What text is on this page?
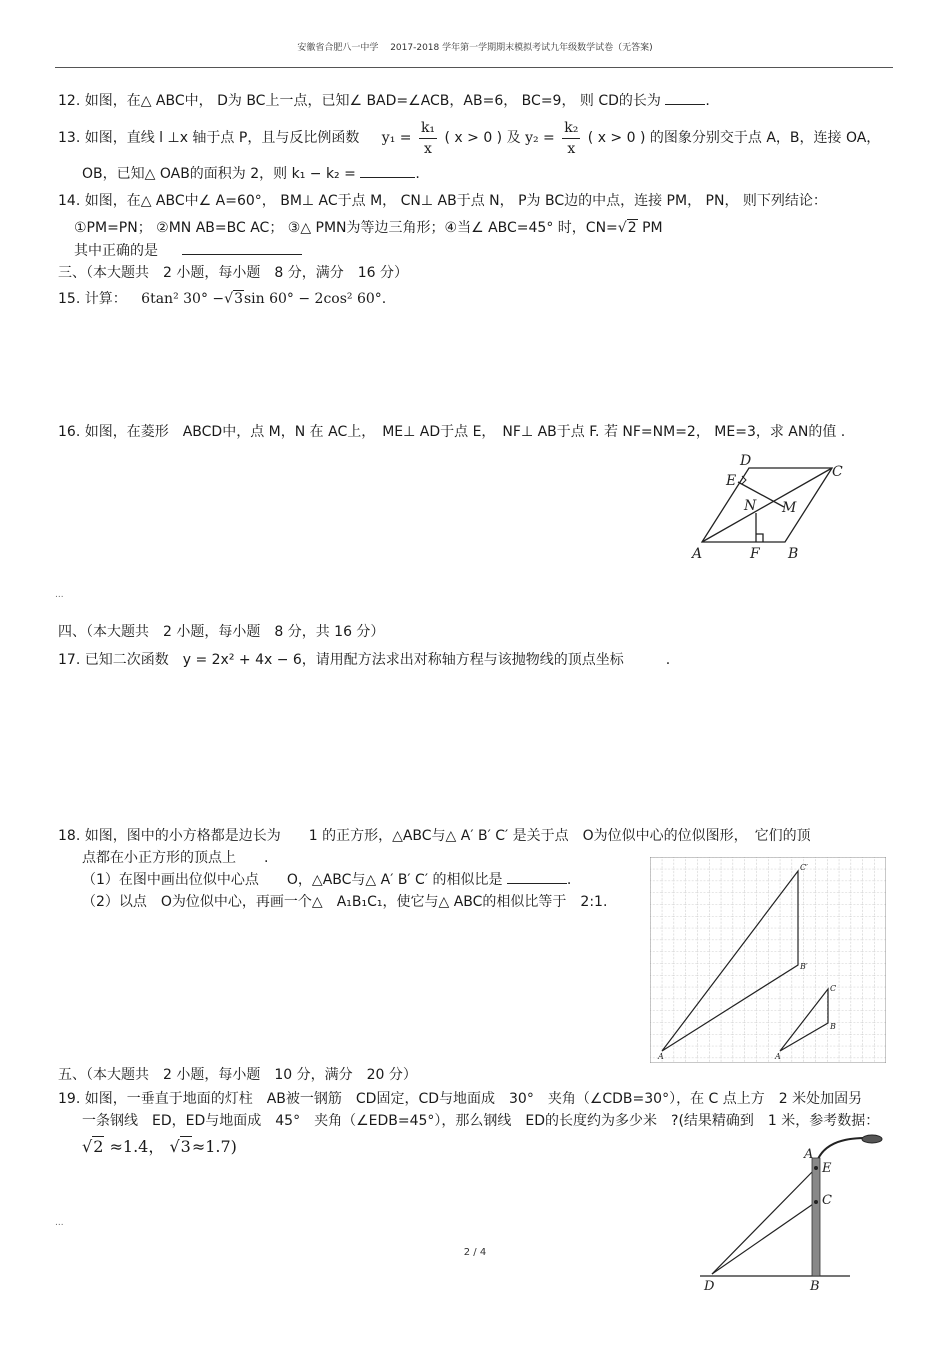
安徽省合肥八一中学　 2017-2018 学年第一学期期末模拟考试九年级数学试卷（无答案)
12. 如图，在△ ABC中， D为 BC上一点，已知∠ BAD=∠ACB，AB=6， BC=9， 则 CD的长为	.
13. 如图，直线 l ⊥x 轴于点 P，且与反比例函数 $y_1 = \frac{\text{k₁}}{x}$ ( x > 0 ) 及 $y_2 = \frac{\text{k₂}}{x}$ ( x > 0 ) 的图象分别交于点 A，B，连接 OA，
OB，已知△ OAB的面积为 2，则 k₁ − k₂ =	.
14. 如图，在△ ABC中∠ A=60°， BM⊥ AC于点 M， CN⊥ AB于点 N， P为 BC边的中点，连接 PM， PN， 则下列结论：
①PM=PN； ②MN AB=BC AC； ③△ PMN为等边三角形；④当∠ ABC=45° 时，CN=√2 PM
其中正确的是
三、（本大题共　2 小题，每小题　8 分，满分　16 分）
15. 计算： 6tan² 30° −√3sin 60° − 2cos² 60°.
16. 如图，在菱形　ABCD中，点 M，N 在 AC上，　ME⊥ AD于点 E，　NF⊥ AB于点 F. 若 NF=NM=2， ME=3，求 AN的值 .
A	B
C
D
E
F
M
N
...
四、（本大题共　2 小题，每小题　8 分，共 16 分）
17. 已知二次函数　y = 2x² + 4x − 6，请用配方法求出对称轴方程与该抛物线的顶点坐标　　　.
18. 如图，图中的小方格都是边长为　　1 的正方形，△ABC与△ A′ B′ C′ 是关于点　O为位似中心的位似图形，　它们的顶
点都在小正方形的顶点上　　.
（1）在图中画出位似中心点　　O，△ABC与△ A′ B′ C′ 的相似比是	.
（2）以点　O为位似中心，再画一个△　A₁B₁C₁，使它与△ ABC的相似比等于　2:1.
A
B′
C′
A
B
C
五、（本大题共　2 小题，每小题　10 分，满分　20 分）
19. 如图，一垂直于地面的灯柱　AB被一钢筋　CD固定，CD与地面成　30°　夹角（∠CDB=30°），在 C 点上方　2 米处加固另
一条钢线　ED，ED与地面成　45°　夹角（∠EDB=45°），那么钢线　ED的长度约为多少米　?(结果精确到　1 米，参考数据：
√2 ≈1.4， √3≈1.7)
...
A
E
C
D	B
2 / 4
